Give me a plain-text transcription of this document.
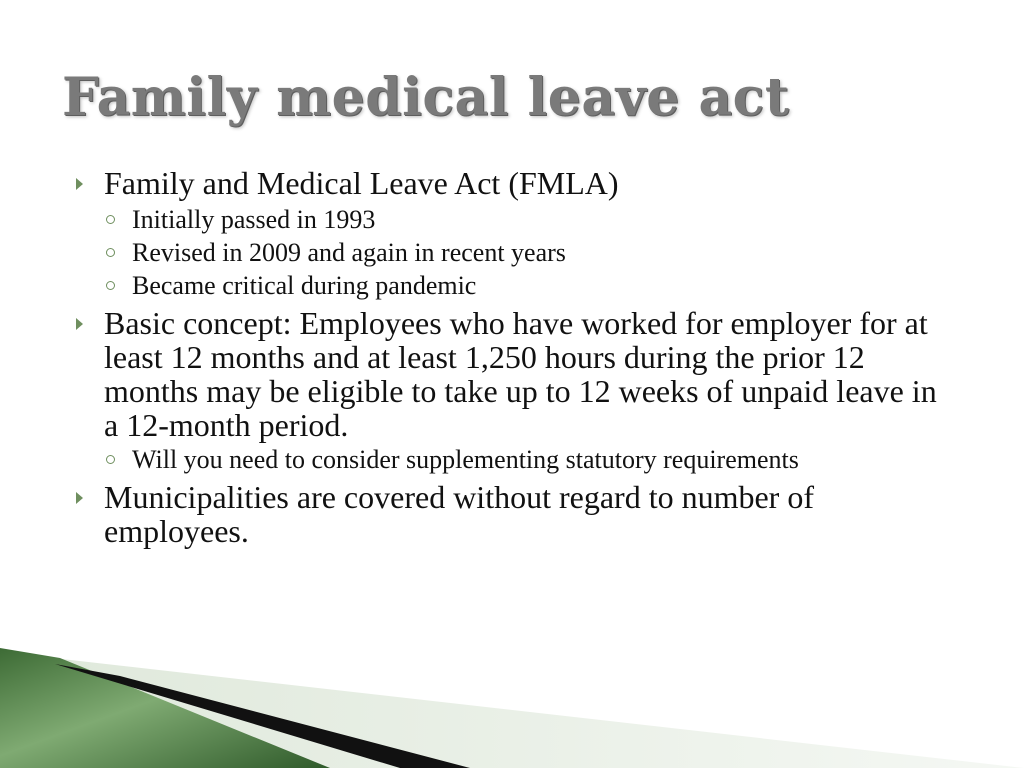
Family medical leave act
Family and Medical Leave Act (FMLA)
Initially passed in 1993
Revised in 2009 and again in recent years
Became critical during pandemic
Basic concept: Employees who have worked for employer for at least 12 months and at least 1,250 hours during the prior 12 months may be eligible to take up to 12 weeks of unpaid leave in a 12-month period.
Will you need to consider supplementing statutory requirements
Municipalities are covered without regard to number of employees.
